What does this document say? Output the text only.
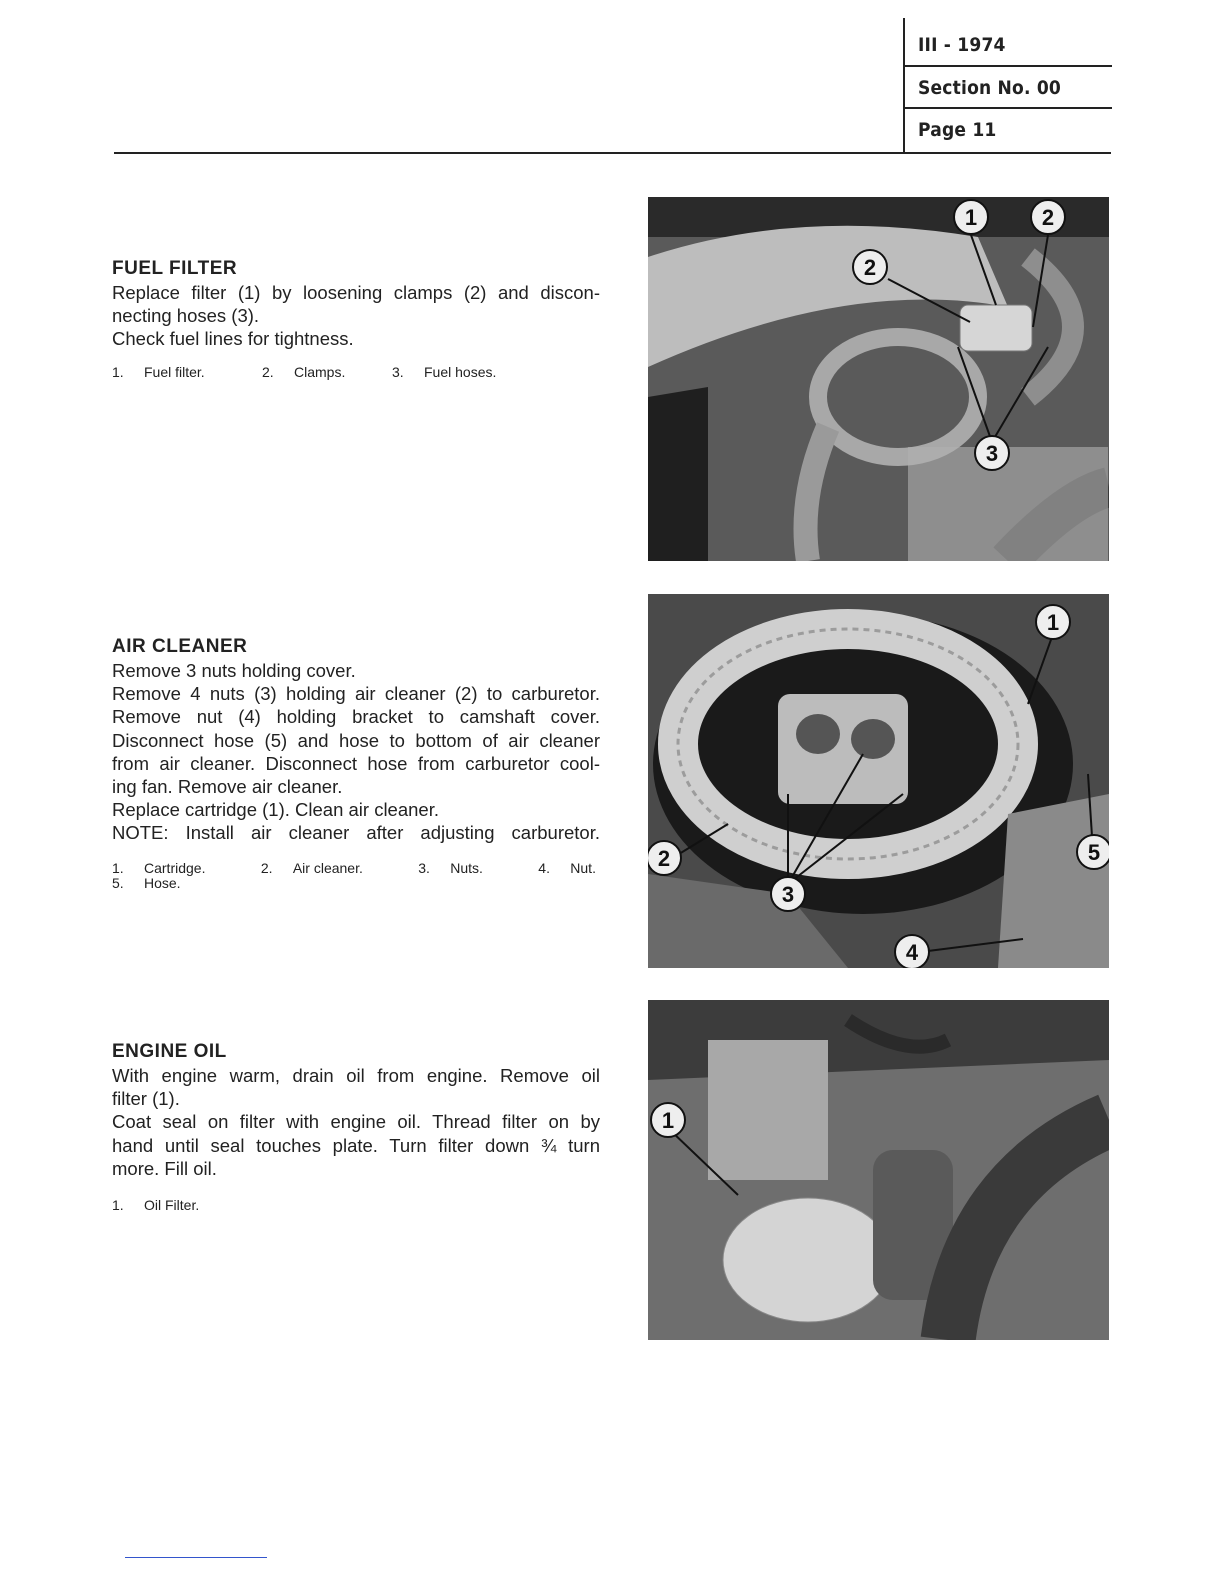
III - 1974
Section No. 00
Page 11
FUEL FILTER
Replace filter (1) by loosening clamps (2) and discon-
necting hoses (3).
Check fuel lines for tightness.
1. Fuel filter.	2. Clamps.	3. Fuel hoses.
AIR CLEANER
Remove 3 nuts holding cover.
Remove 4 nuts (3) holding air cleaner (2) to carburetor.
Remove nut (4) holding bracket to camshaft cover.
Disconnect hose (5) and hose to bottom of air cleaner
from air cleaner. Disconnect hose from carburetor cool-
ing fan. Remove air cleaner.
Replace cartridge (1). Clean air cleaner.
NOTE: Install air cleaner after adjusting carburetor.
1. Cartridge.	2. Air cleaner.	3. Nuts.	4. Nut.
5. Hose.
ENGINE OIL
With engine warm, drain oil from engine. Remove oil
filter (1).
Coat seal on filter with engine oil. Thread filter on by
hand until seal touches plate. Turn filter down ¾ turn
more. Fill oil.
1. Oil Filter.
1	2
2
3
1
2
3
4
5
1
